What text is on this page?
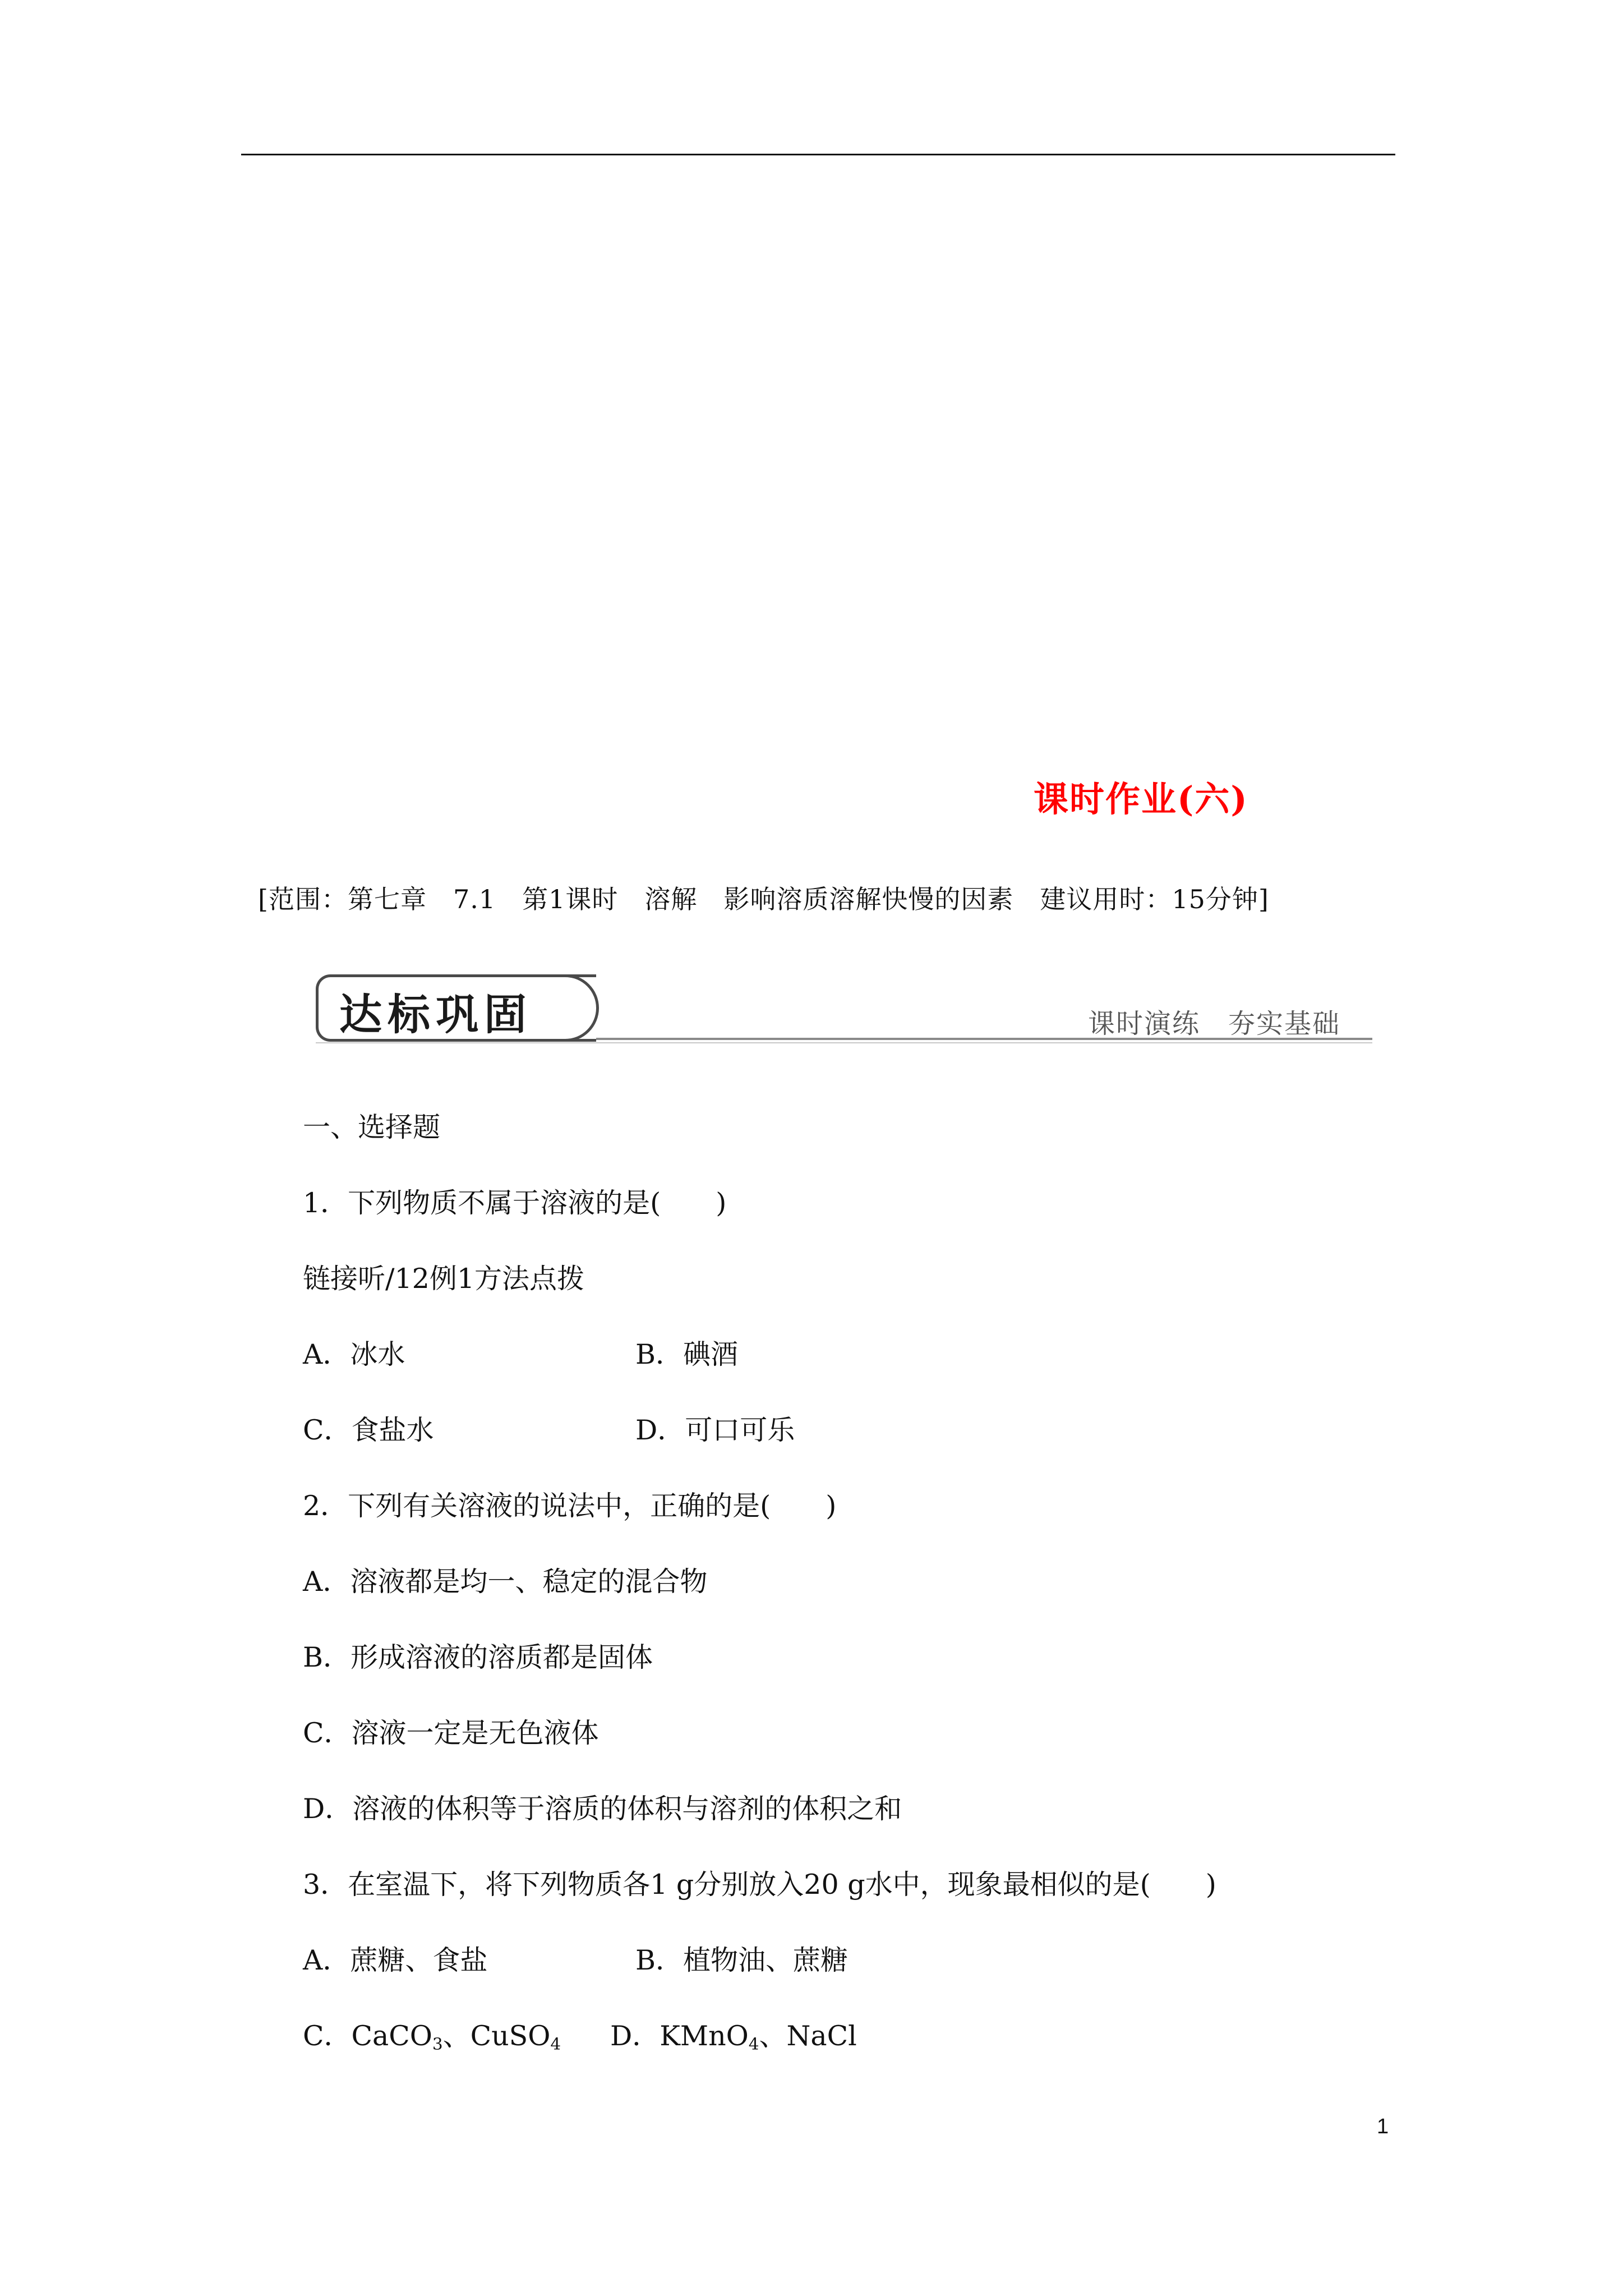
课时作业(六)
[范围：第七章　7.1　第1课时　溶解　影响溶质溶解快慢的因素　建议用时：15分钟]
达标巩固	课时演练　夯实基础
一、选择题
1．下列物质不属于溶液的是(　　)
链接听/12例1方法点拨
A．冰水	B．碘酒
C．食盐水	D．可口可乐
2．下列有关溶液的说法中，正确的是(　　)
A．溶液都是均一、稳定的混合物
B．形成溶液的溶质都是固体
C．溶液一定是无色液体
D．溶液的体积等于溶质的体积与溶剂的体积之和
3．在室温下，将下列物质各1 g分别放入20 g水中，现象最相似的是(　　)
A．蔗糖、食盐	B．植物油、蔗糖
C．CaCO$_3$、CuSO$_4$ D．KMnO$_4$、NaCl
1
